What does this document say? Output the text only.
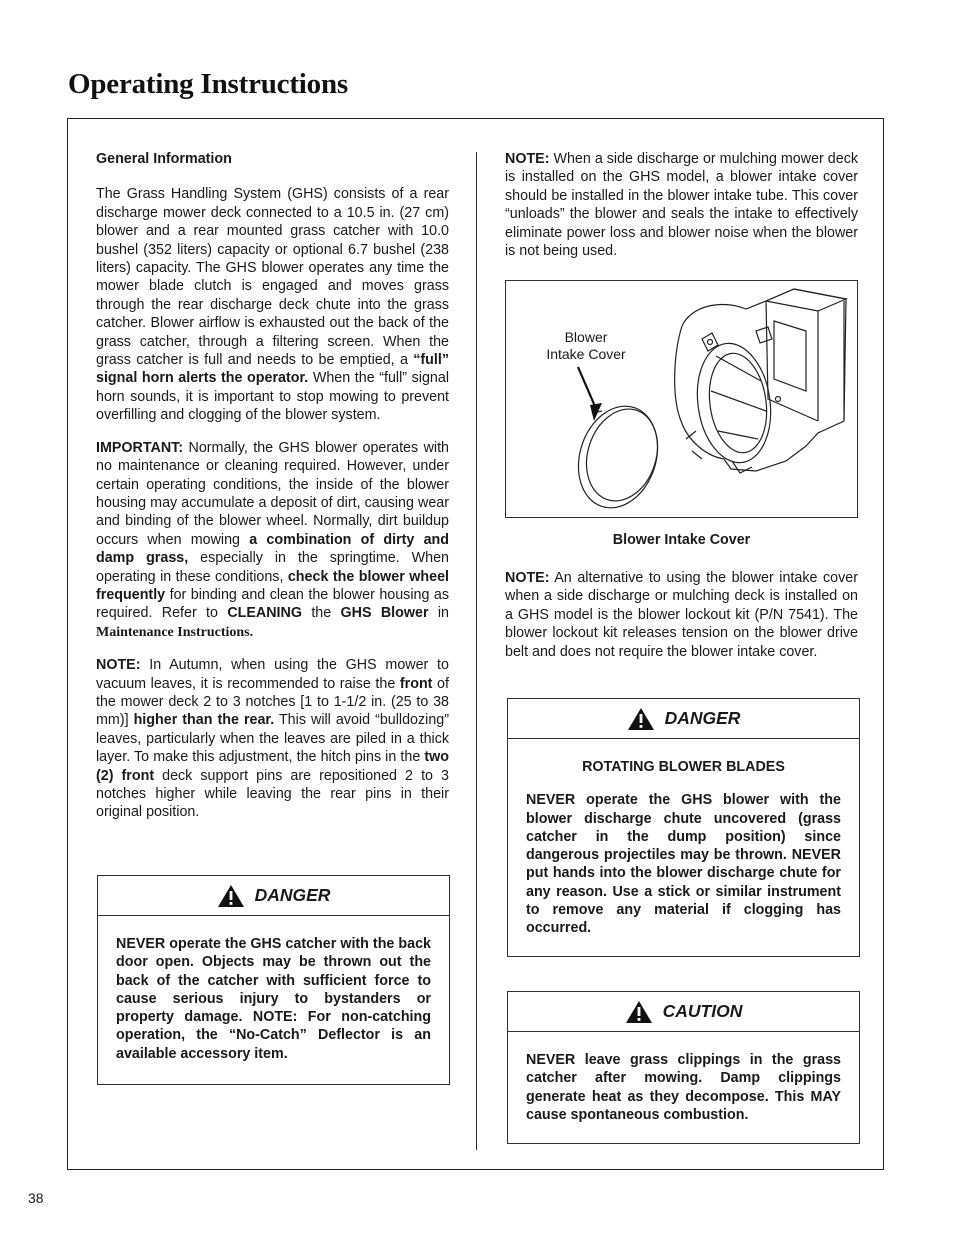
Operating Instructions

General Information

The Grass Handling System (GHS) consists of a rear discharge mower deck connected to a 10.5 in. (27 cm) blower and a rear mounted grass catcher with 10.0 bushel (352 liters) capacity or optional 6.7 bushel (238 liters) capacity. The GHS blower operates any time the mower blade clutch is engaged and moves grass through the rear discharge deck chute into the grass catcher. Blower airflow is exhausted out the back of the grass catcher, through a filtering screen. When the grass catcher is full and needs to be emptied, a “full” signal horn alerts the operator. When the “full” signal horn sounds, it is important to stop mowing to prevent overfilling and clogging of the blower system.

IMPORTANT: Normally, the GHS blower operates with no maintenance or cleaning required. However, under certain operating conditions, the inside of the blower housing may accumulate a deposit of dirt, causing wear and binding of the blower wheel. Normally, dirt buildup occurs when mowing a combination of dirty and damp grass, especially in the springtime. When operating in these conditions, check the blower wheel frequently for binding and clean the blower housing as required. Refer to CLEANING the GHS Blower in Maintenance Instructions.

NOTE: In Autumn, when using the GHS mower to vacuum leaves, it is recommended to raise the front of the mower deck 2 to 3 notches [1 to 1-1/2 in. (25 to 38 mm)] higher than the rear. This will avoid “bulldozing” leaves, particularly when the leaves are piled in a thick layer. To make this adjustment, the hitch pins in the two (2) front deck support pins are repositioned 2 to 3 notches higher while leaving the rear pins in their original position.

DANGER
NEVER operate the GHS catcher with the back door open. Objects may be thrown out the back of the catcher with sufficient force to cause serious injury to bystanders or property damage. NOTE: For non-catching operation, the “No-Catch” Deflector is an available accessory item.

NOTE: When a side discharge or mulching mower deck is installed on the GHS model, a blower intake cover should be installed in the blower intake tube. This cover “unloads” the blower and seals the intake to effectively eliminate power loss and blower noise when the blower is not being used.

Blower
Intake Cover
Blower Intake Cover

NOTE: An alternative to using the blower intake cover when a side discharge or mulching deck is installed on a GHS model is the blower lockout kit (P/N 7541). The blower lockout kit releases tension on the blower drive belt and does not require the blower intake cover.

DANGER
ROTATING BLOWER BLADES
NEVER operate the GHS blower with the blower discharge chute uncovered (grass catcher in the dump position) since dangerous projectiles may be thrown. NEVER put hands into the blower discharge chute for any reason. Use a stick or similar instrument to remove any material if clogging has occurred.
CAUTION
NEVER leave grass clippings in the grass catcher after mowing. Damp clippings generate heat as they decompose. This MAY cause spontaneous combustion.
38
